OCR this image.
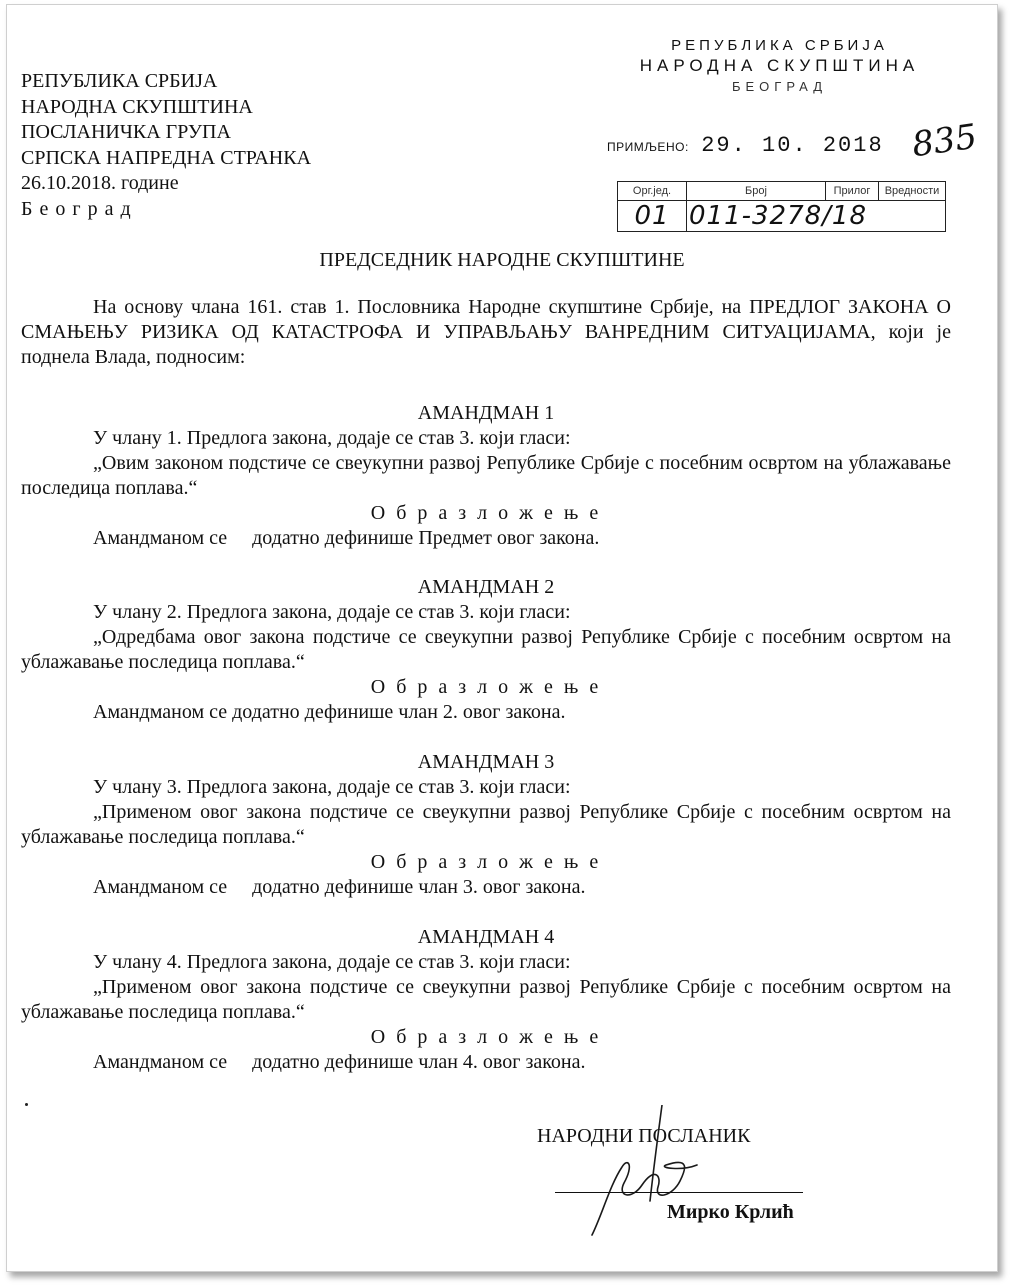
РЕПУБЛИКА СРБИЈА
НАРОДНА СКУПШТИНА
ПОСЛАНИЧКА ГРУПА
СРПСКА НАПРЕДНА СТРАНКА
26.10.2018. године
Б е о г р а д
РЕПУБЛИКА СРБИЈА
НАРОДНА СКУПШТИНА
БЕОГРАД
ПРИМЉЕНО: 29. 10. 2018 835
Орг.јед.	Број	Прилог	Вредности
01	011-3278/18		
ПРЕДСЕДНИК НАРОДНЕ СКУПШТИНЕ
На основу члана 161. став 1. Пословника Народне скупштине Србије, на ПРЕДЛОГ ЗАКОНА О СМАЊЕЊУ РИЗИКА ОД КАТАСТРОФА И УПРАВЉАЊУ ВАНРЕДНИМ СИТУАЦИЈАМА, који је поднела Влада, подносим:
АМАНДМАН 1
У члану 1. Предлога закона, додаје се став 3. који гласи:
„Овим законом подстиче се свеукупни развој Републике Србије с посебним освртом на ублажавање последица поплава.“
О б р а з л о ж е њ е
Амандманом се     додатно дефинише Предмет овог закона.
АМАНДМАН 2
У члану 2. Предлога закона, додаје се став 3. који гласи:
„Одредбама овог закона подстиче се свеукупни развој Републике Србије с посебним освртом на ублажавање последица поплава.“
О б р а з л о ж е њ е
Амандманом се додатно дефинише члан 2. овог закона.
АМАНДМАН 3
У члану 3. Предлога закона, додаје се став 3. који гласи:
„Применом овог закона подстиче се свеукупни развој Републике Србије с посебним освртом на ублажавање последица поплава.“
О б р а з л о ж е њ е
Амандманом се     додатно дефинише члан 3. овог закона.
АМАНДМАН 4
У члану 4. Предлога закона, додаје се став 3. који гласи:
„Применом овог закона подстиче се свеукупни развој Републике Србије с посебним освртом на ублажавање последица поплава.“
О б р а з л о ж е њ е
Амандманом се     додатно дефинише члан 4. овог закона.
НАРОДНИ ПОСЛАНИК
Мирко Крлић
